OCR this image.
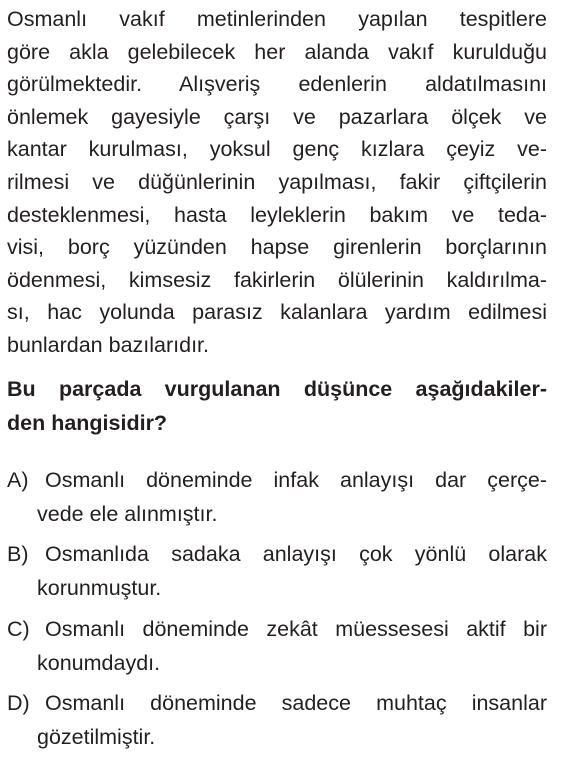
Osmanlı vakıf metinlerinden yapılan tespitlere
göre akla gelebilecek her alanda vakıf kurulduğu
görülmektedir. Alışveriş edenlerin aldatılmasını
önlemek gayesiyle çarşı ve pazarlara ölçek ve
kantar kurulması, yoksul genç kızlara çeyiz ve-
rilmesi ve düğünlerinin yapılması, fakir çiftçilerin
desteklenmesi, hasta leyleklerin bakım ve teda-
visi, borç yüzünden hapse girenlerin borçlarının
ödenmesi, kimsesiz fakirlerin ölülerinin kaldırılma-
sı, hac yolunda parasız kalanlara yardım edilmesi
bunlardan bazılarıdır.
Bu parçada vurgulanan düşünce aşağıdakiler-
den hangisidir?
A) Osmanlı döneminde infak anlayışı dar çerçe-
vede ele alınmıştır.
B) Osmanlıda sadaka anlayışı çok yönlü olarak
korunmuştur.
C) Osmanlı döneminde zekât müessesesi aktif bir
konumdaydı.
D) Osmanlı döneminde sadece muhtaç insanlar
gözetilmiştir.
